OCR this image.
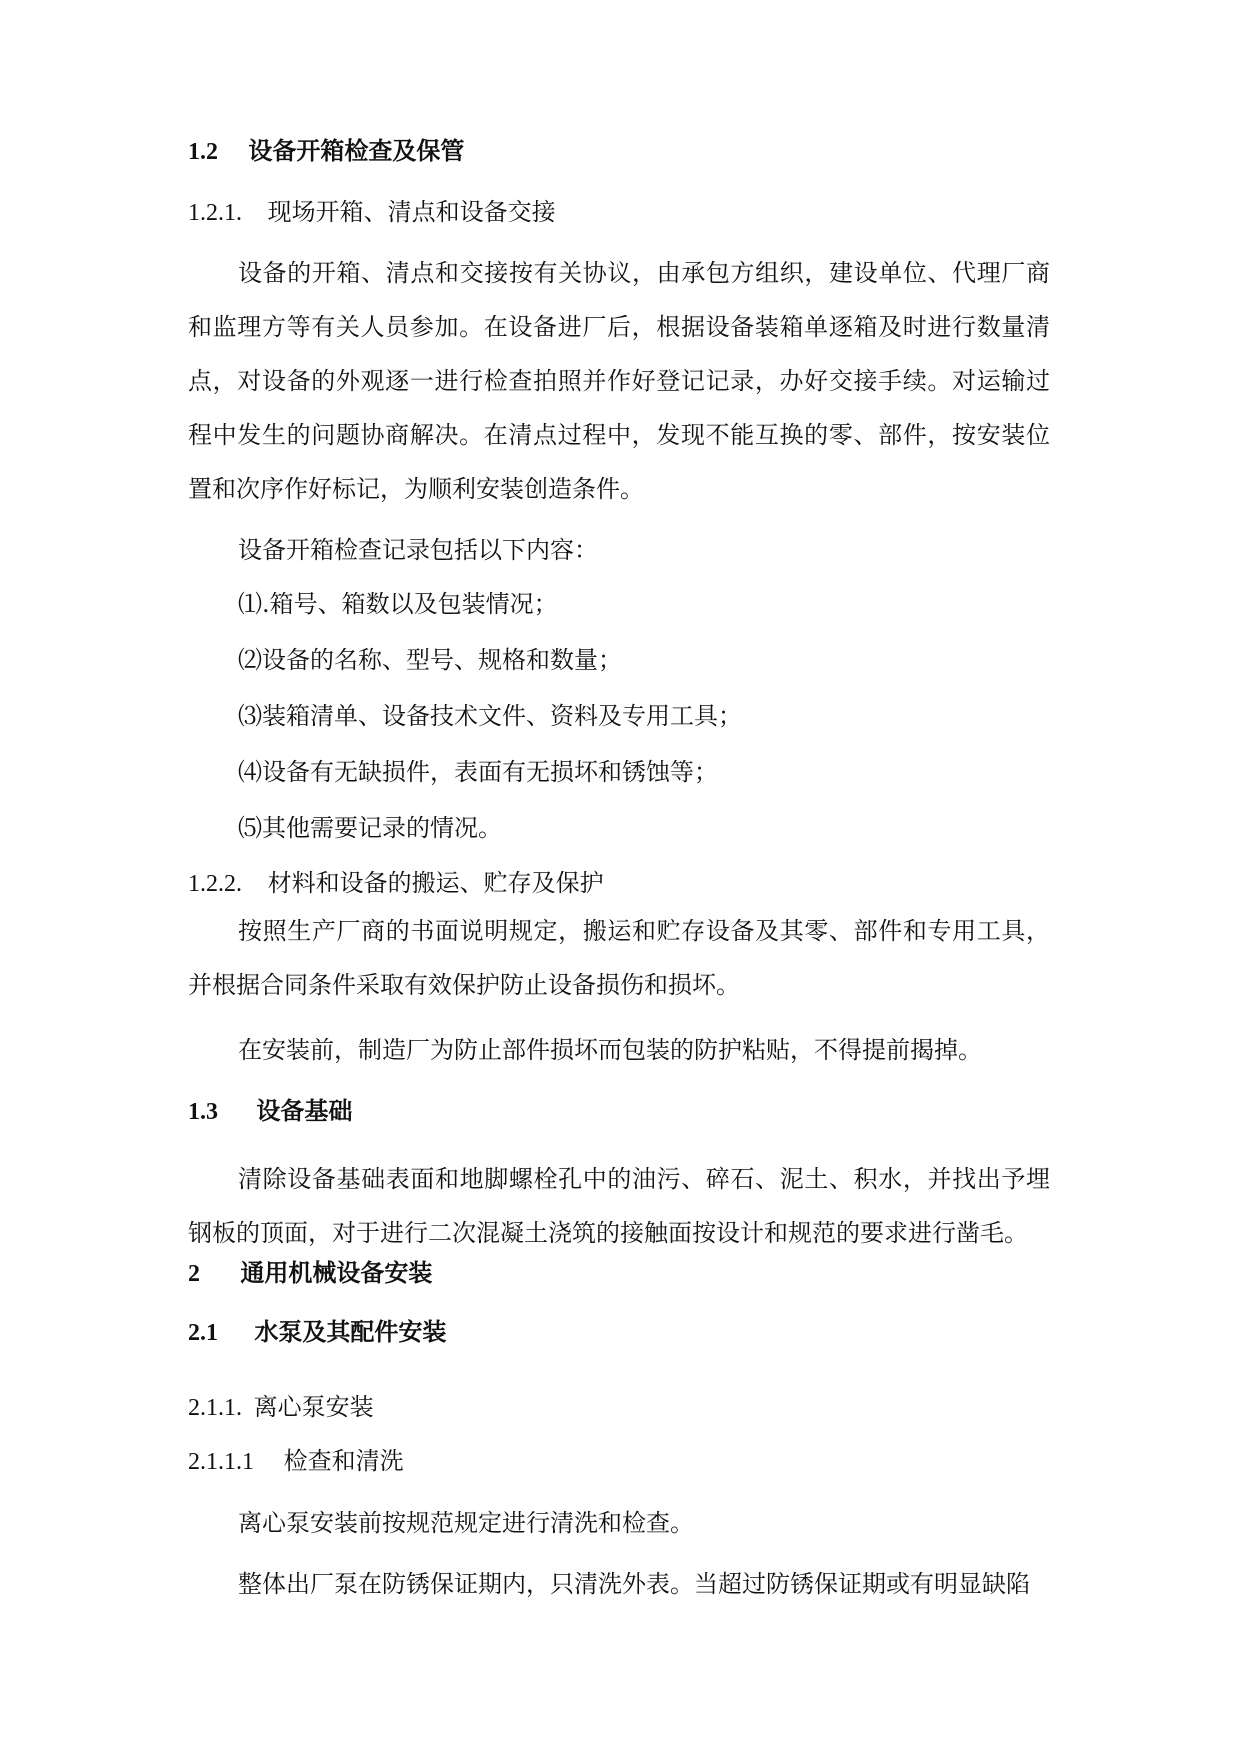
1.2 设备开箱检查及保管
1.2.1. 现场开箱、清点和设备交接
设备的开箱、清点和交接按有关协议，由承包方组织，建设单位、代理厂商和监理方等有关人员参加。在设备进厂后，根据设备装箱单逐箱及时进行数量清点，对设备的外观逐一进行检查拍照并作好登记记录，办好交接手续。对运输过程中发生的问题协商解决。在清点过程中，发现不能互换的零、部件，按安装位置和次序作好标记，为顺利安装创造条件。
设备开箱检查记录包括以下内容：
⑴.箱号、箱数以及包装情况；
⑵设备的名称、型号、规格和数量；
⑶装箱清单、设备技术文件、资料及专用工具；
⑷设备有无缺损件，表面有无损坏和锈蚀等；
⑸其他需要记录的情况。
1.2.2. 材料和设备的搬运、贮存及保护
按照生产厂商的书面说明规定，搬运和贮存设备及其零、部件和专用工具，并根据合同条件采取有效保护防止设备损伤和损坏。
在安装前，制造厂为防止部件损坏而包装的防护粘贴，不得提前揭掉。
1.3 设备基础
清除设备基础表面和地脚螺栓孔中的油污、碎石、泥土、积水，并找出予埋钢板的顶面，对于进行二次混凝土浇筑的接触面按设计和规范的要求进行凿毛。
2 通用机械设备安装
2.1 水泵及其配件安装
2.1.1. 离心泵安装
2.1.1.1 检查和清洗
离心泵安装前按规范规定进行清洗和检查。
整体出厂泵在防锈保证期内，只清洗外表。当超过防锈保证期或有明显缺陷
